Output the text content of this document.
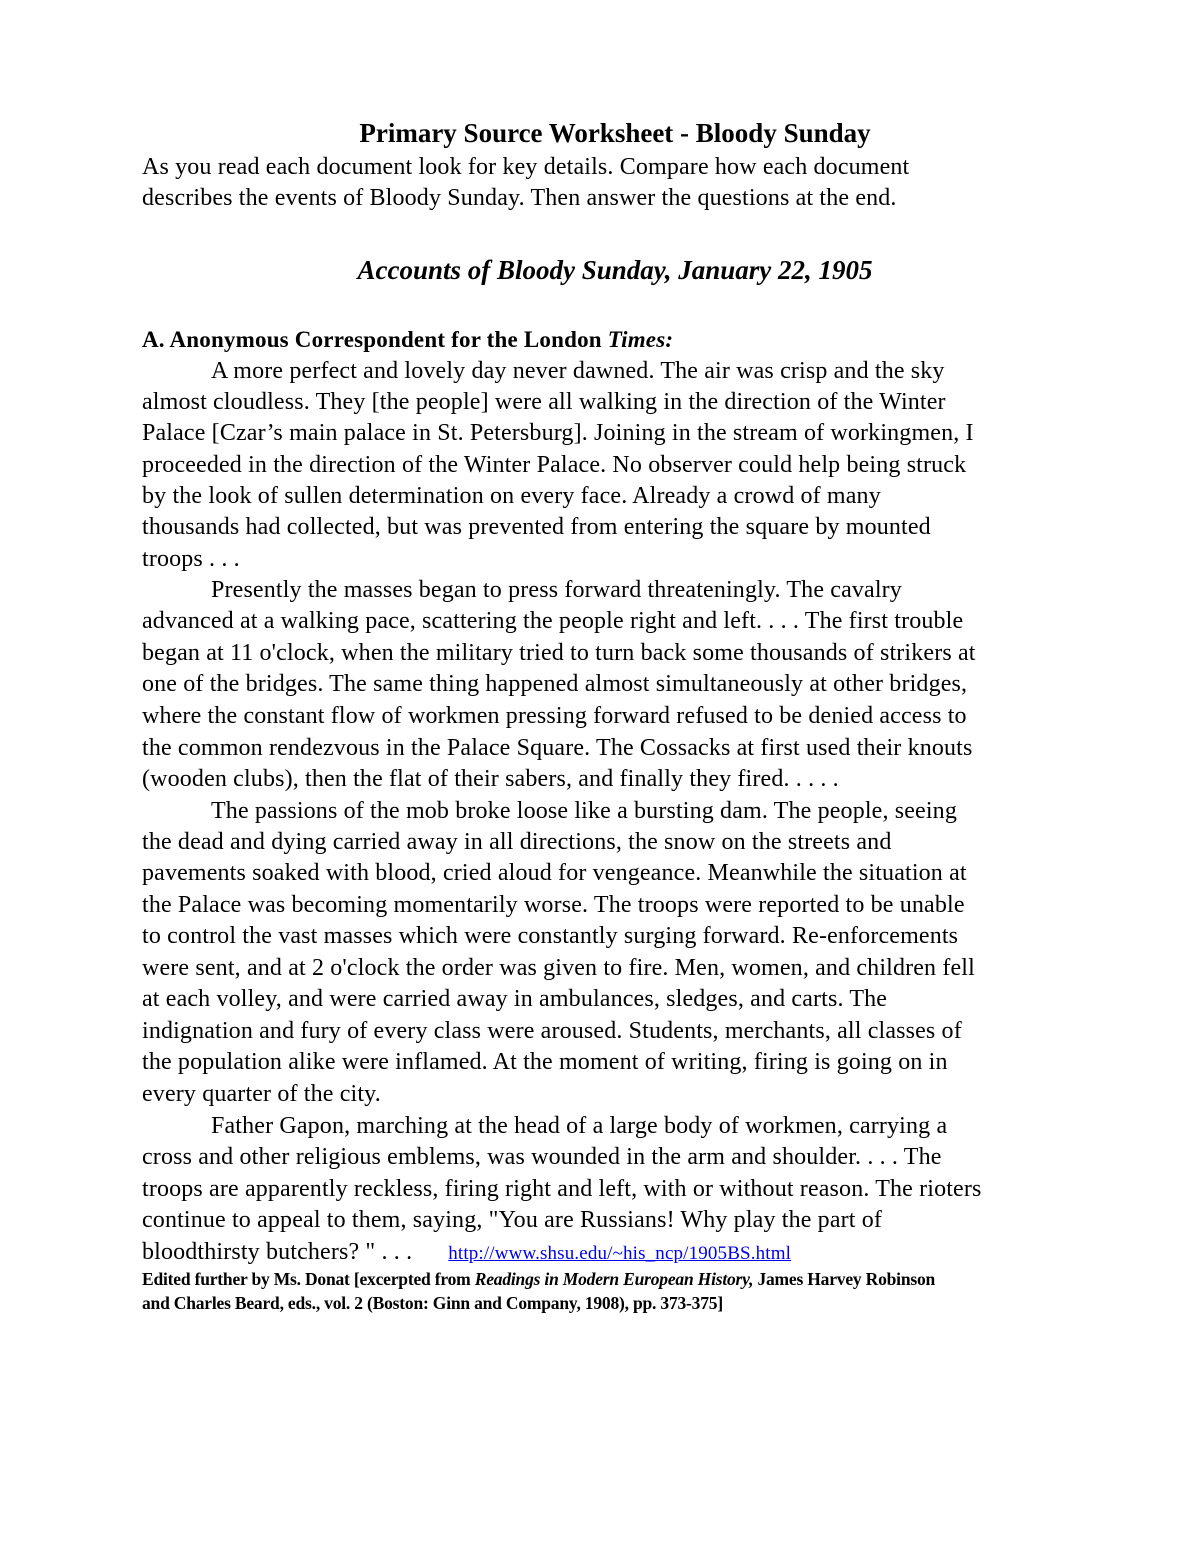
Primary Source Worksheet - Bloody Sunday
As you read each document look for key details. Compare how each document
describes the events of Bloody Sunday. Then answer the questions at the end.
Accounts of Bloody Sunday, January 22, 1905
A. Anonymous Correspondent for the London Times:
A more perfect and lovely day never dawned. The air was crisp and the sky
almost cloudless. They [the people] were all walking in the direction of the Winter
Palace [Czar’s main palace in St. Petersburg]. Joining in the stream of workingmen, I
proceeded in the direction of the Winter Palace. No observer could help being struck
by the look of sullen determination on every face. Already a crowd of many
thousands had collected, but was prevented from entering the square by mounted
troops . . .
Presently the masses began to press forward threateningly. The cavalry
advanced at a walking pace, scattering the people right and left. . . . The first trouble
began at 11 o'clock, when the military tried to turn back some thousands of strikers at
one of the bridges. The same thing happened almost simultaneously at other bridges,
where the constant flow of workmen pressing forward refused to be denied access to
the common rendezvous in the Palace Square. The Cossacks at first used their knouts
(wooden clubs), then the flat of their sabers, and finally they fired. . . . .
The passions of the mob broke loose like a bursting dam. The people, seeing
the dead and dying carried away in all directions, the snow on the streets and
pavements soaked with blood, cried aloud for vengeance. Meanwhile the situation at
the Palace was becoming momentarily worse. The troops were reported to be unable
to control the vast masses which were constantly surging forward. Re-enforcements
were sent, and at 2 o'clock the order was given to fire. Men, women, and children fell
at each volley, and were carried away in ambulances, sledges, and carts. The
indignation and fury of every class were aroused. Students, merchants, all classes of
the population alike were inflamed. At the moment of writing, firing is going on in
every quarter of the city.
Father Gapon, marching at the head of a large body of workmen, carrying a
cross and other religious emblems, was wounded in the arm and shoulder. . . . The
troops are apparently reckless, firing right and left, with or without reason. The rioters
continue to appeal to them, saying, "You are Russians! Why play the part of
bloodthirsty butchers? " . . . http://www.shsu.edu/~his_ncp/1905BS.html
Edited further by Ms. Donat [excerpted from Readings in Modern European History, James Harvey Robinson
and Charles Beard, eds., vol. 2 (Boston: Ginn and Company, 1908), pp. 373-375]
